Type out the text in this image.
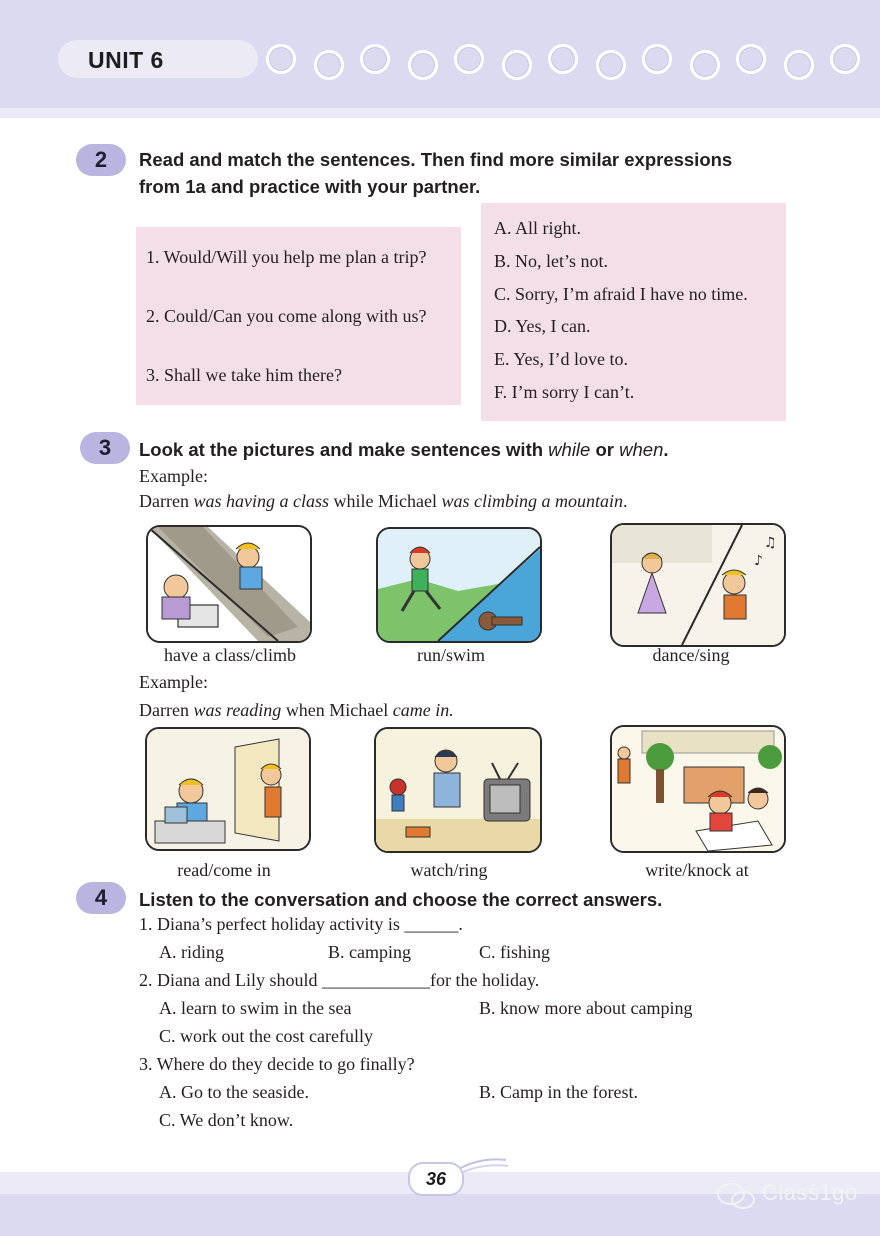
UNIT 6
2	Read and match the sentences. Then find more similar expressions
from 1a and practice with your partner.
1. Would/Will you help me plan a trip?
2. Could/Can you come along with us?
3. Shall we take him there?
A. All right.
B. No, let’s not.
C. Sorry, I’m afraid I have no time.
D. Yes, I can.
E. Yes, I’d love to.
F. I’m sorry I can’t.
3	Look at the pictures and make sentences with while or when.
Example:
Darren was having a class while Michael was climbing a mountain.
♪
♫
have a class/climb	run/swim	dance/sing
Example:
Darren was reading when Michael came in.
read/come in	watch/ring	write/knock at
4	Listen to the conversation and choose the correct answers.
1. Diana’s perfect holiday activity is ______.
A. riding	B. camping	C. fishing
2. Diana and Lily should ____________for the holiday.
A. learn to swim in the sea	B. know more about camping
C. work out the cost carefully
3. Where do they decide to go finally?
A. Go to the seaside.	B. Camp in the forest.
C. We don’t know.
36
Class1go
